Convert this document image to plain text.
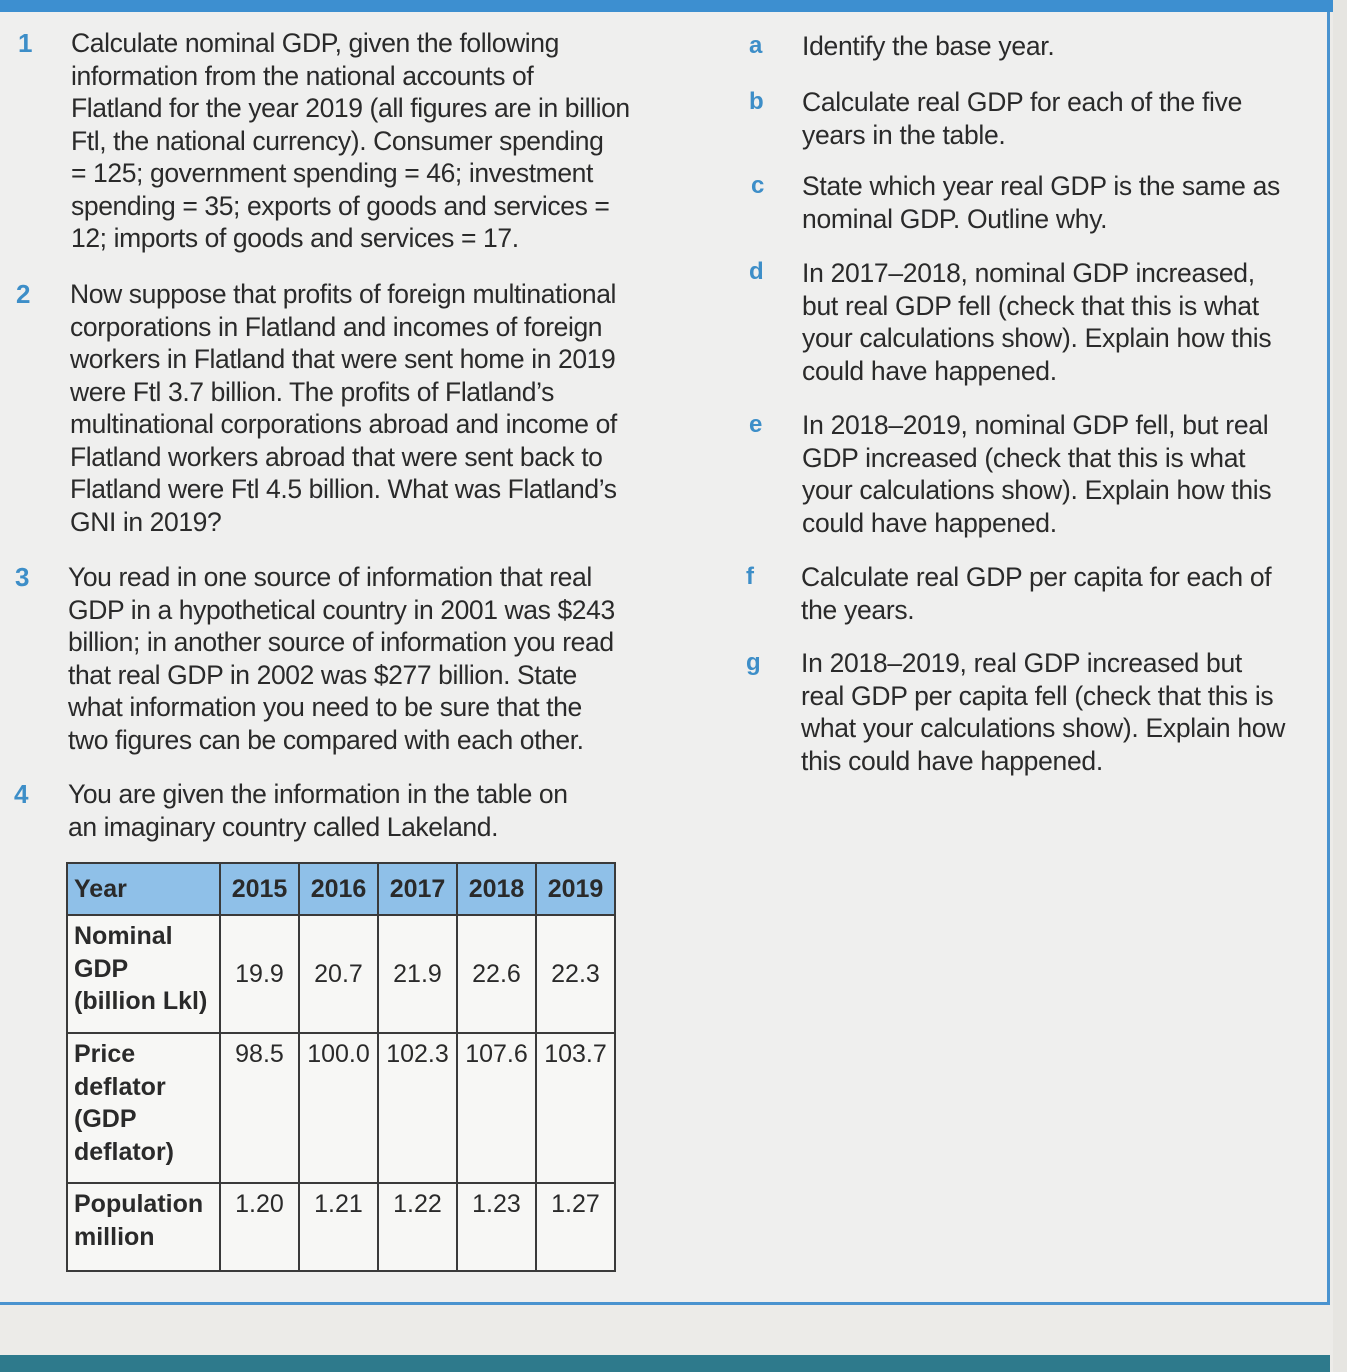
1 Calculate nominal GDP, given the following
information from the national accounts of
Flatland for the year 2019 (all figures are in billion
Ftl, the national currency). Consumer spending
= 125; government spending = 46; investment
spending = 35; exports of goods and services =
12; imports of goods and services = 17.
2 Now suppose that profits of foreign multinational
corporations in Flatland and incomes of foreign
workers in Flatland that were sent home in 2019
were Ftl 3.7 billion. The profits of Flatland’s
multinational corporations abroad and income of
Flatland workers abroad that were sent back to
Flatland were Ftl 4.5 billion. What was Flatland’s
GNI in 2019?
3 You read in one source of information that real
GDP in a hypothetical country in 2001 was $243
billion; in another source of information you read
that real GDP in 2002 was $277 billion. State
what information you need to be sure that the
two figures can be compared with each other.
4 You are given the information in the table on
an imaginary country called Lakeland.
Year	2015	2016	2017	2018	2019

Nominal
GDP
(billion Lkl)	19.9	20.7	21.9	22.6	22.3

Price
deflator
(GDP
deflator)	98.5	100.0	102.3	107.6	103.7

Population
million	1.20	1.21	1.22	1.23	1.27
a Identify the base year.
b Calculate real GDP for each of the five
years in the table.
c State which year real GDP is the same as
nominal GDP. Outline why.
d In 2017–2018, nominal GDP increased,
but real GDP fell (check that this is what
your calculations show). Explain how this
could have happened.
e In 2018–2019, nominal GDP fell, but real
GDP increased (check that this is what
your calculations show). Explain how this
could have happened.
f Calculate real GDP per capita for each of
the years.
g In 2018–2019, real GDP increased but
real GDP per capita fell (check that this is
what your calculations show). Explain how
this could have happened.
